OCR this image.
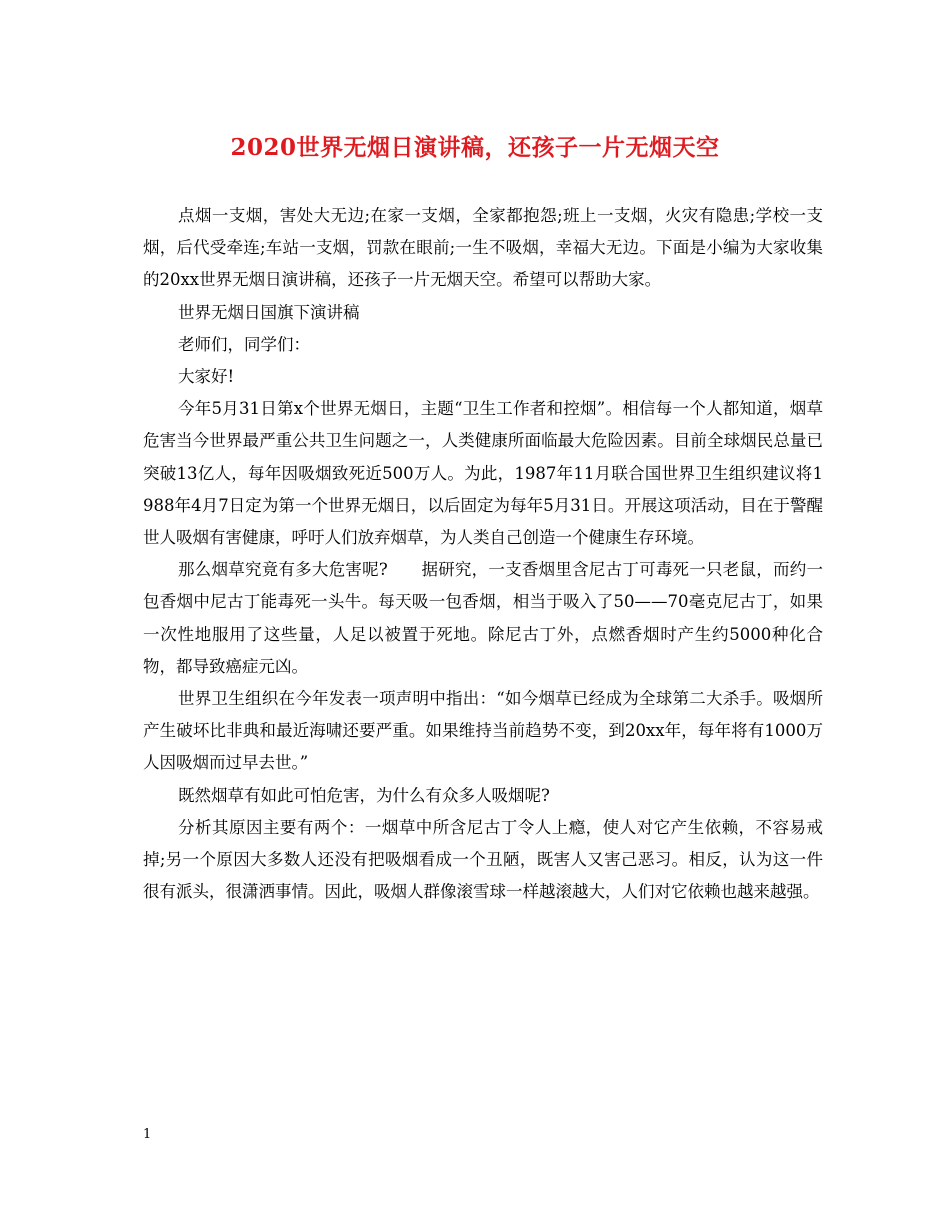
2020世界无烟日演讲稿，还孩子一片无烟天空

点烟一支烟，害处大无边;在家一支烟，全家都抱怨;班上一支烟，火灾有隐患;学校一支烟，后代受牵连;车站一支烟，罚款在眼前;一生不吸烟，幸福大无边。下面是小编为大家收集的20xx世界无烟日演讲稿，还孩子一片无烟天空。希望可以帮助大家。

世界无烟日国旗下演讲稿

老师们，同学们：

大家好!

今年5月31日第x个世界无烟日，主题“卫生工作者和控烟”。相信每一个人都知道，烟草危害当今世界最严重公共卫生问题之一，人类健康所面临最大危险因素。目前全球烟民总量已突破13亿人，每年因吸烟致死近500万人。为此，1987年11月联合国世界卫生组织建议将1988年4月7日定为第一个世界无烟日，以后固定为每年5月31日。开展这项活动，目在于警醒世人吸烟有害健康，呼吁人们放弃烟草，为人类自己创造一个健康生存环境。

那么烟草究竟有多大危害呢?　　据研究，一支香烟里含尼古丁可毒死一只老鼠，而约一包香烟中尼古丁能毒死一头牛。每天吸一包香烟，相当于吸入了50——70毫克尼古丁，如果一次性地服用了这些量，人足以被置于死地。除尼古丁外，点燃香烟时产生约5000种化合物，都导致癌症元凶。

世界卫生组织在今年发表一项声明中指出：“如今烟草已经成为全球第二大杀手。吸烟所产生破坏比非典和最近海啸还要严重。如果维持当前趋势不变，到20xx年，每年将有1000万人因吸烟而过早去世。”

既然烟草有如此可怕危害，为什么有众多人吸烟呢?

分析其原因主要有两个：一烟草中所含尼古丁令人上瘾，使人对它产生依赖，不容易戒掉;另一个原因大多数人还没有把吸烟看成一个丑陋，既害人又害己恶习。相反，认为这一件很有派头，很潇洒事情。因此，吸烟人群像滚雪球一样越滚越大，人们对它依赖也越来越强。

1
